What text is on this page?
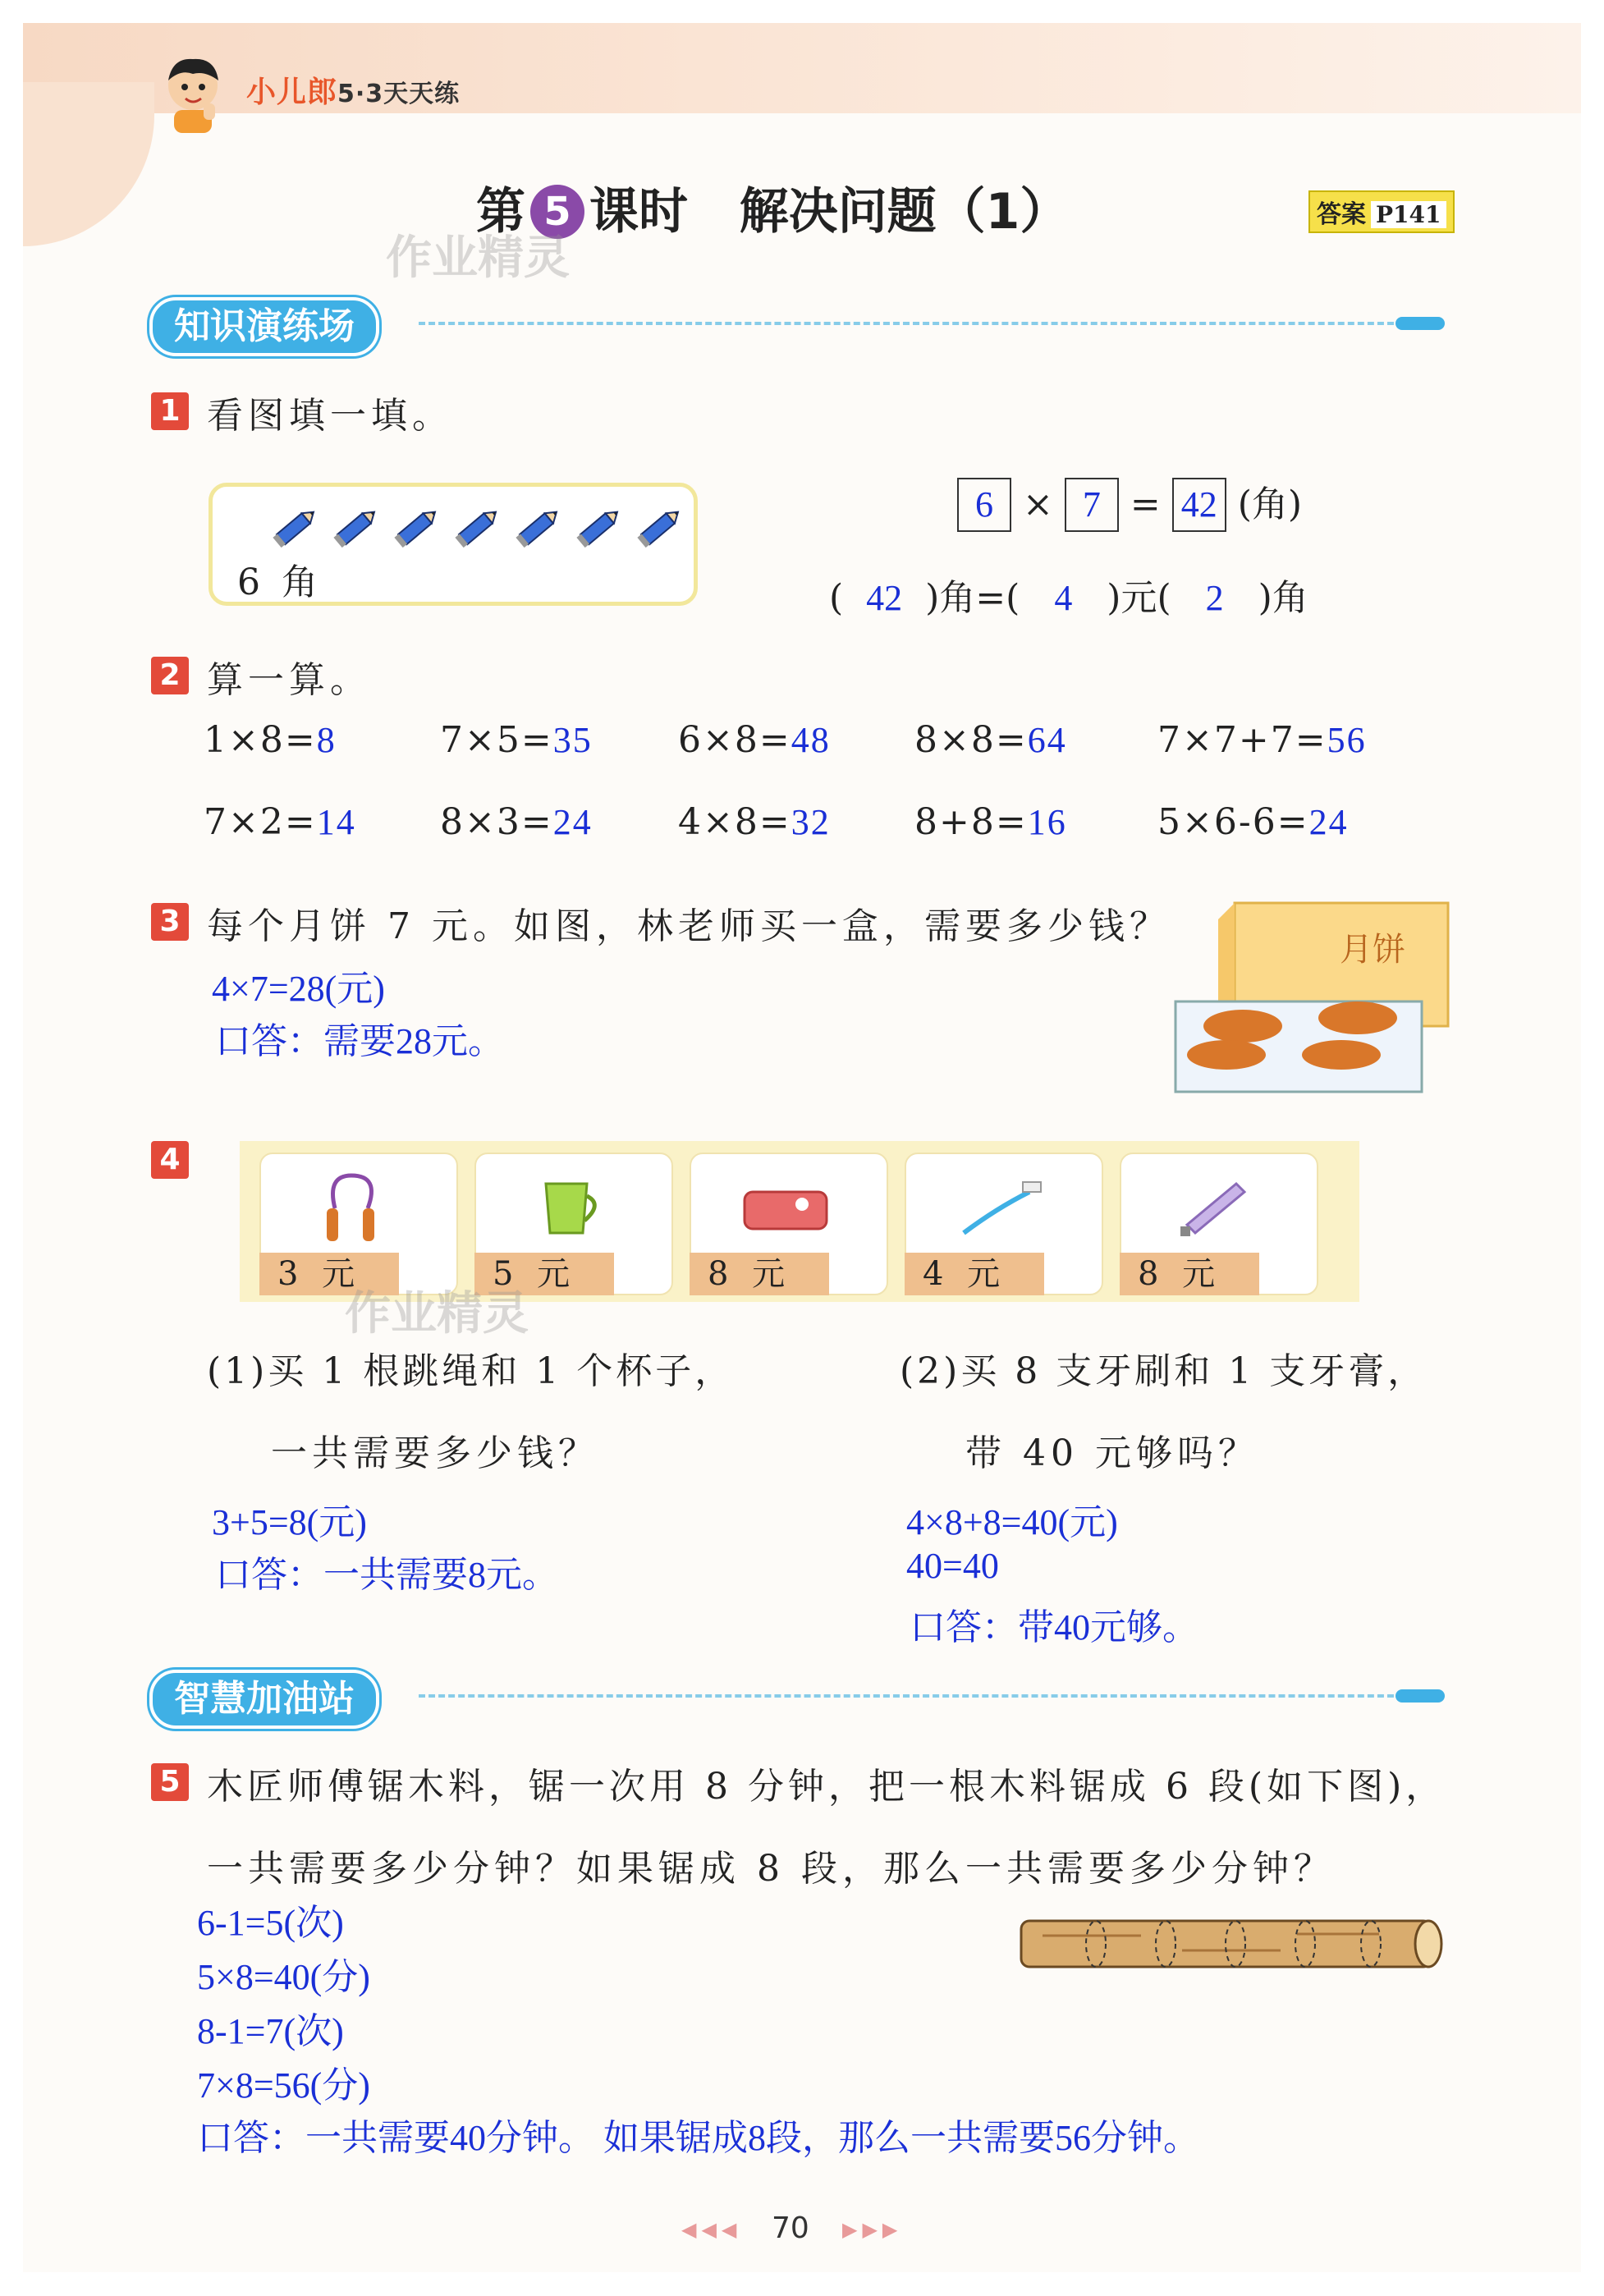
小儿郎5·3天天练
第 5 课时 解决问题（1）	答案 P141
作业精灵
知识演练场
1 看图填一填。
6 角
6 × 7 = 42 (角)
( 42 )角=( 4 )元( 2 )角
2 算一算。
1×8=8	7×5=35 6×8=48 8×8=64	7×7+7=56
7×2=14 8×3=24 4×8=32 8+8=16	5×6-6=24
3 每个月饼 7 元。如图，林老师买一盒，需要多少钱？
4×7=28(元)
口答：需要28元。
月饼
4
3 元	5 元	8 元	4 元	8 元
作业精灵
(1)买 1 根跳绳和 1 个杯子，
一共需要多少钱？
3+5=8(元)
口答：一共需要8元。
(2)买 8 支牙刷和 1 支牙膏，
带 40 元够吗？
4×8+8=40(元)
40=40
口答：带40元够。
智慧加油站
5 木匠师傅锯木料，锯一次用 8 分钟，把一根木料锯成 6 段(如下图)，
一共需要多少分钟？如果锯成 8 段，那么一共需要多少分钟？
6-1=5(次)
5×8=40(分)
8-1=7(次)
7×8=56(分)
口答：一共需要40分钟。 如果锯成8段，那么一共需要56分钟。
◀◀◀ 70 ▶▶▶
